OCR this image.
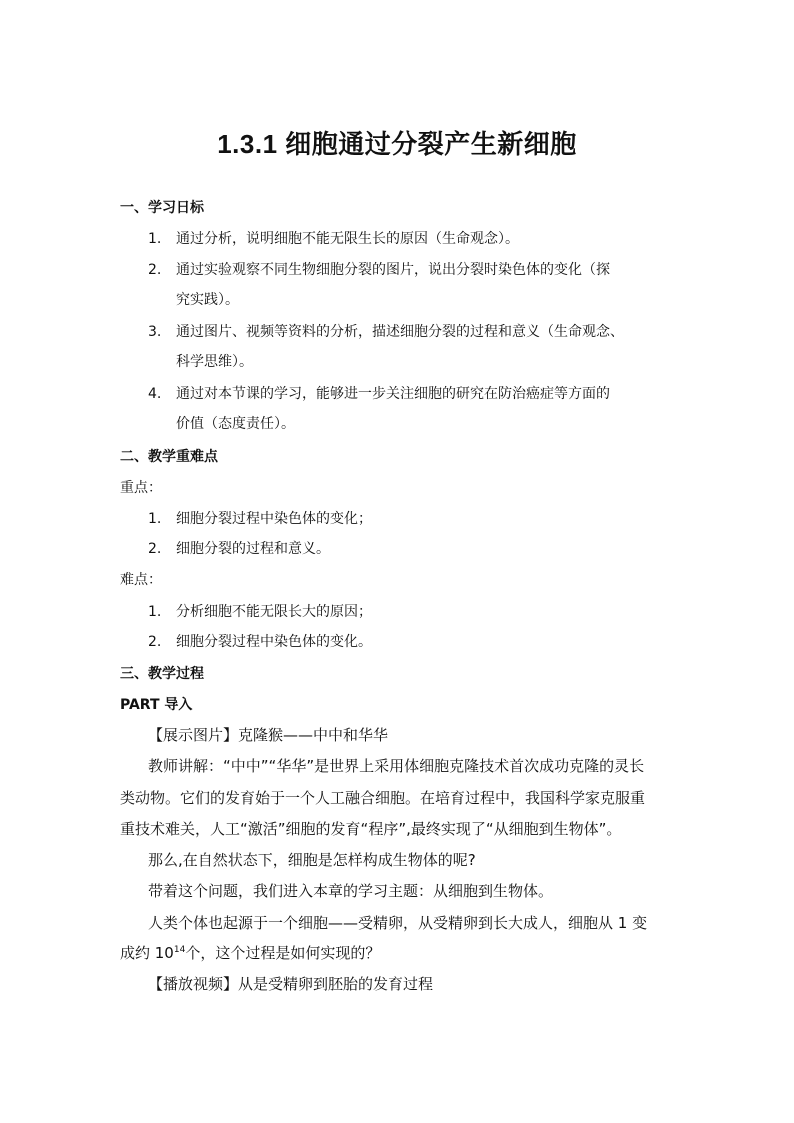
1.3.1 细胞通过分裂产生新细胞
一、学习日标
1. 通过分析，说明细胞不能无限生长的原因（生命观念）。
2. 通过实验观察不同生物细胞分裂的图片，说出分裂时染色体的变化（探
究实践）。
3. 通过图片、视频等资料的分析，描述细胞分裂的过程和意义（生命观念、
科学思维）。
4. 通过对本节课的学习，能够进一步关注细胞的研究在防治癌症等方面的
价值（态度责任）。
二、教学重难点
重点：
1. 细胞分裂过程中染色体的变化；
2. 细胞分裂的过程和意义。
难点：
1. 分析细胞不能无限长大的原因；
2. 细胞分裂过程中染色体的变化。
三、教学过程
PART 导入
【展示图片】克隆猴——中中和华华
教师讲解：“中中”“华华”是世界上采用体细胞克隆技术首次成功克隆的灵长
类动物。它们的发育始于一个人工融合细胞。在培育过程中，我国科学家克服重
重技术难关，人工“激活”细胞的发育“程序”,最终实现了“从细胞到生物体”。
那么,在自然状态下，细胞是怎样构成生物体的呢?
带着这个问题，我们进入本章的学习主题：从细胞到生物体。
人类个体也起源于一个细胞——受精卵，从受精卵到长大成人，细胞从 1 变
成约 $10^{14}$个，这个过程是如何实现的？
【播放视频】从是受精卵到胚胎的发育过程
